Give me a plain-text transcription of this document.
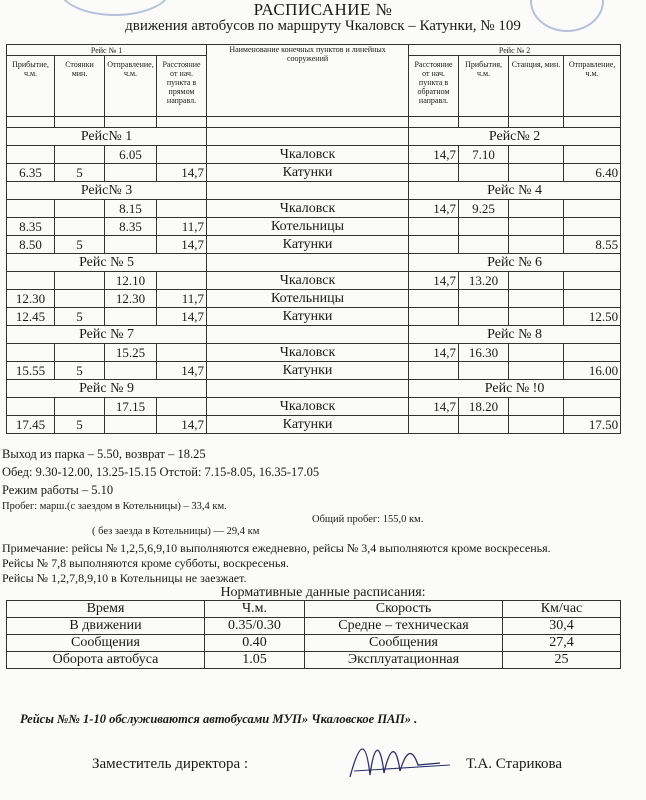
РАСПИСАНИЕ №
движения автобусов по маршруту Чкаловск – Катунки, № 109
Рейс № 1				Наименование конечных пунктов и линейных сооружений	Рейс № 2			
Прибытие, ч.м.	Стоянки мин.	Отправление, ч.м.	Расстояние от нач. пункта в прямом направл.		Расстояние от нач. пункта в обратном направл.	Прибытия, ч.м.	Станция, мин.	Отправление, ч.м.

Рейс№ 1					Рейс№ 2			
		6.05		Чкаловск	14,7	7.10		
6.35	5		14,7	Катунки				6.40
Рейс№ 3					Рейс № 4			
		8.15		Чкаловск	14,7	9.25		
8.35		8.35	11,7	Котельницы				
8.50	5		14,7	Катунки				8.55
Рейс № 5					Рейс № 6			
		12.10		Чкаловск	14,7	13.20		
12.30		12.30	11,7	Котельницы				
12.45	5		14,7	Катунки				12.50
Рейс № 7					Рейс № 8			
		15.25		Чкаловск	14,7	16.30		
15.55	5		14,7	Катунки				16.00
Рейс № 9					Рейс № !0			
		17.15		Чкаловск	14,7	18.20		
17.45	5		14,7	Катунки				17.50
Выход из парка – 5.50, возврат – 18.25
Обед: 9.30-12.00, 13.25-15.15 Отстой: 7.15-8.05, 16.35-17.05
Режим работы – 5.10
Пробег: марш.(с заездом в Котельницы) – 33,4 км.
Общий пробег: 155,0 км.
( без заезда в Котельницы) — 29,4 км
Примечание: рейсы № 1,2,5,6,9,10 выполняются ежедневно, рейсы № 3,4 выполняются кроме воскресенья.
Рейсы № 7,8 выполняются кроме субботы, воскресенья.
Рейсы № 1,2,7,8,9,10 в Котельницы не заезжает.
Нормативные данные расписания:
Время	Ч.м.	Скорость	Км/час
В движении	0.35/0.30	Средне – техническая	30,4
Сообщения	0.40	Сообщения	27,4
Оборота автобуса	1.05	Эксплуатационная	25
Рейсы №№ 1-10 обслуживаются автобусами МУП» Чкаловское ПАП» .
Заместитель директора :	Т.А. Старикова
